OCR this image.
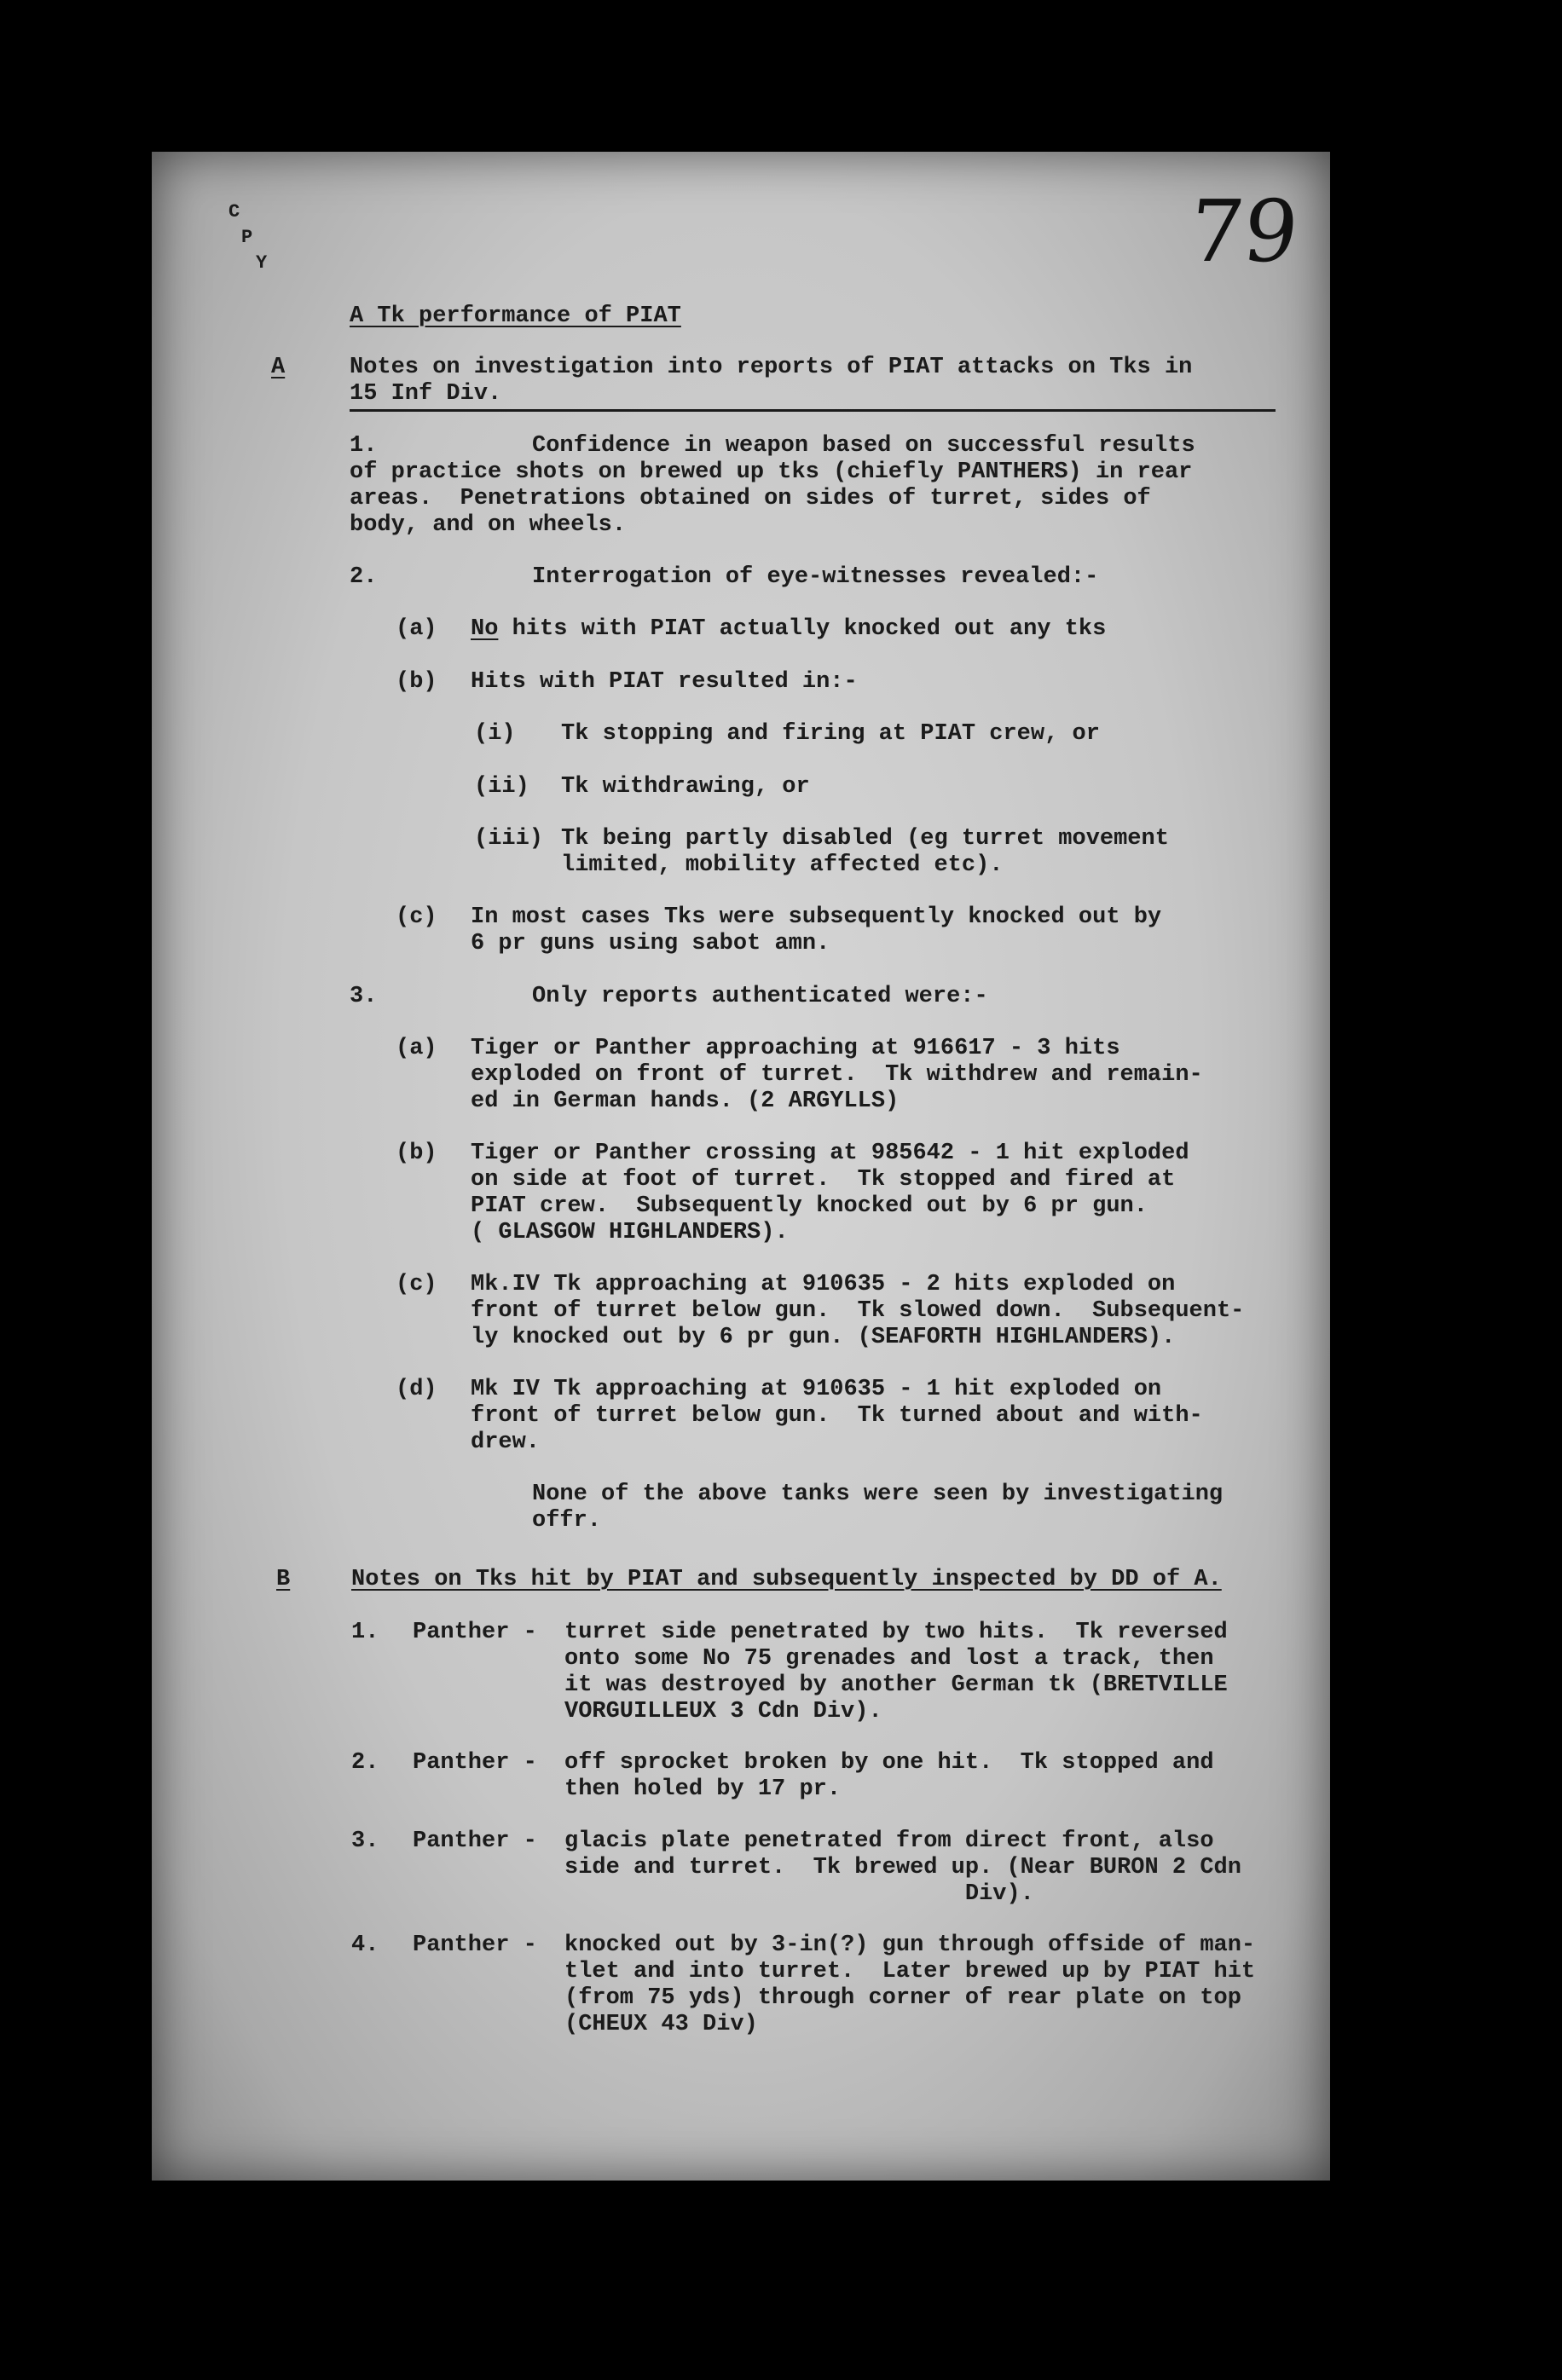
C
P
Y	79
A Tk performance of PIAT
A	Notes on investigation into reports of PIAT attacks on Tks in
15 Inf Div.
1.	Confidence in weapon based on successful results
of practice shots on brewed up tks (chiefly PANTHERS) in rear
areas.  Penetrations obtained on sides of turret, sides of
body, and on wheels.
2.	Interrogation of eye-witnesses revealed:-
(a) No hits with PIAT actually knocked out any tks
(b) Hits with PIAT resulted in:-
(i) Tk stopping and firing at PIAT crew, or
(ii) Tk withdrawing, or
(iii) Tk being partly disabled (eg turret movement
limited, mobility affected etc).
(c) In most cases Tks were subsequently knocked out by
6 pr guns using sabot amn.
3.	Only reports authenticated were:-
(a) Tiger or Panther approaching at 916617 - 3 hits
exploded on front of turret.  Tk withdrew and remain-
ed in German hands. (2 ARGYLLS)
(b) Tiger or Panther crossing at 985642 - 1 hit exploded
on side at foot of turret.  Tk stopped and fired at
PIAT crew.  Subsequently knocked out by 6 pr gun.
( GLASGOW HIGHLANDERS).
(c) Mk.IV Tk approaching at 910635 - 2 hits exploded on
front of turret below gun.  Tk slowed down.  Subsequent-
ly knocked out by 6 pr gun. (SEAFORTH HIGHLANDERS).
(d) Mk IV Tk approaching at 910635 - 1 hit exploded on
front of turret below gun.  Tk turned about and with-
drew.
None of the above tanks were seen by investigating
offr.
B	Notes on Tks hit by PIAT and subsequently inspected by DD of A.
1. Panther - turret side penetrated by two hits.  Tk reversed
onto some No 75 grenades and lost a track, then
it was destroyed by another German tk (BRETVILLE
VORGUILLEUX 3 Cdn Div).
2. Panther - off sprocket broken by one hit.  Tk stopped and
then holed by 17 pr.
3. Panther - glacis plate penetrated from direct front, also
side and turret.  Tk brewed up. (Near BURON 2 Cdn
Div).
4. Panther - knocked out by 3-in(?) gun through offside of man-
tlet and into turret.  Later brewed up by PIAT hit
(from 75 yds) through corner of rear plate on top
(CHEUX 43 Div)
